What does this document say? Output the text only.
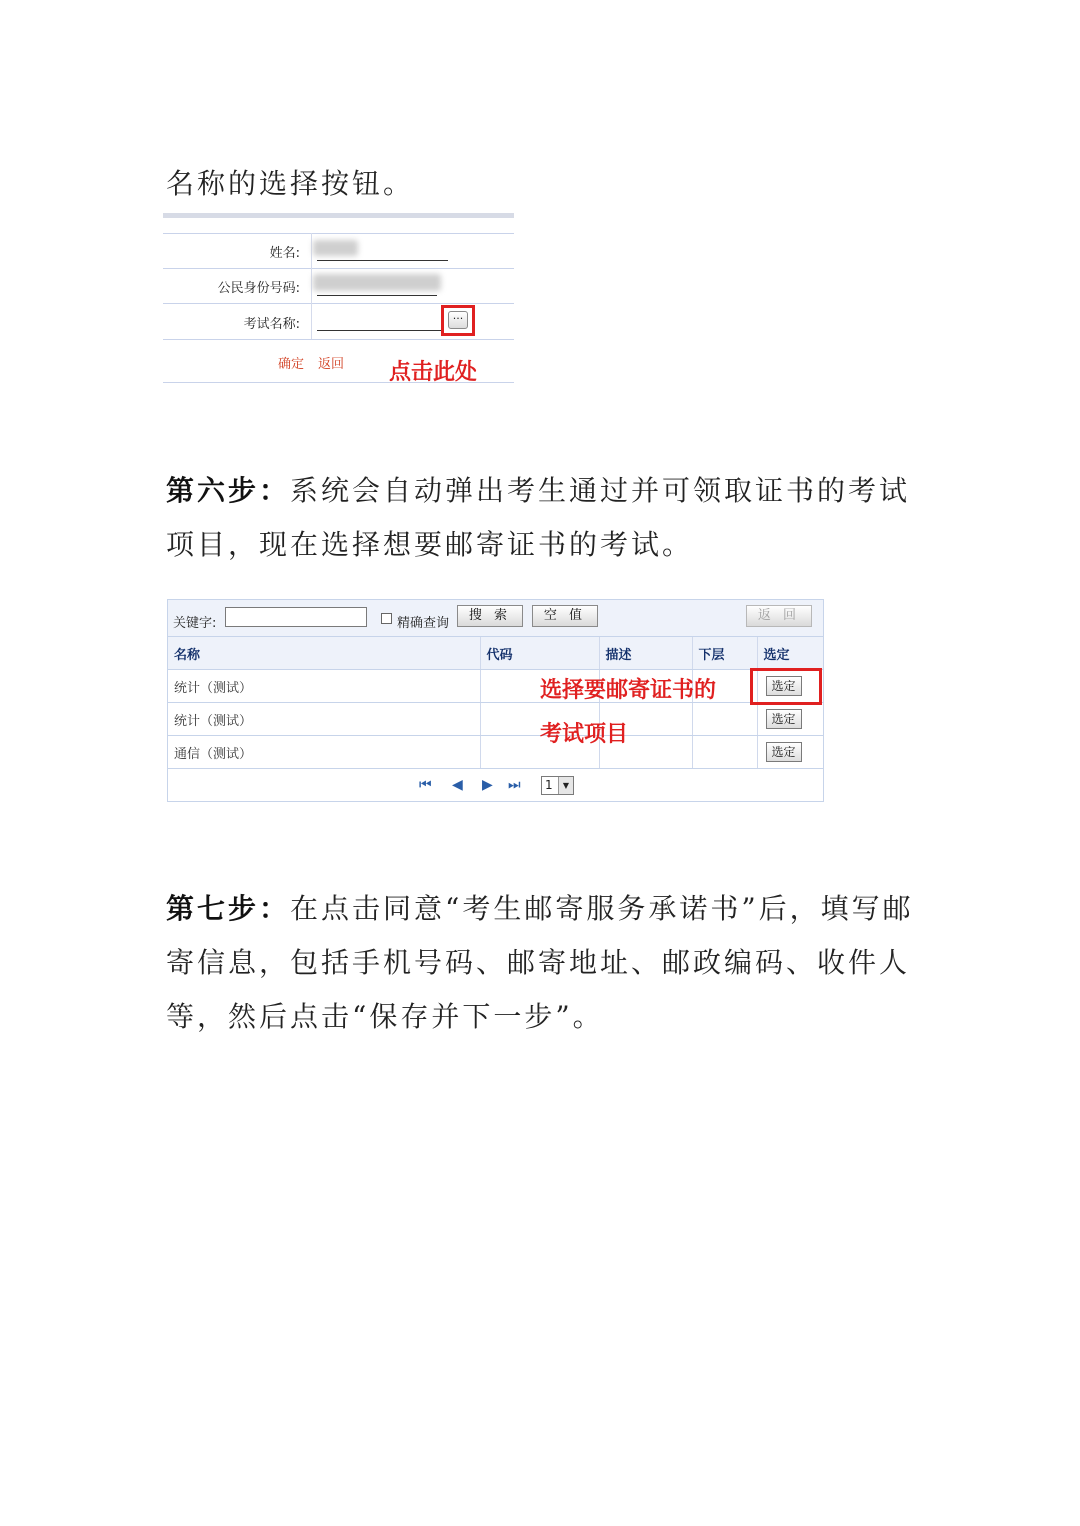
名称的选择按钮。

姓名:
公民身份号码:
考试名称:	···
确定 返回 点击此处

第六步：系统会自动弹出考生通过并可领取证书的考试项目，现在选择想要邮寄证书的考试。

关键字:	精确查询
搜 索	空 值	返 回
名称	代码	描述	下层	选定
统计（测试）				选定
统计（测试）				选定
通信（测试）				选定
⏮ ◀ ▶ ⏭	1	▼
选择要邮寄证书的
考试项目

第七步：在点击同意“考生邮寄服务承诺书”后，填写邮寄信息，包括手机号码、邮寄地址、邮政编码、收件人等，然后点击“保存并下一步”。
